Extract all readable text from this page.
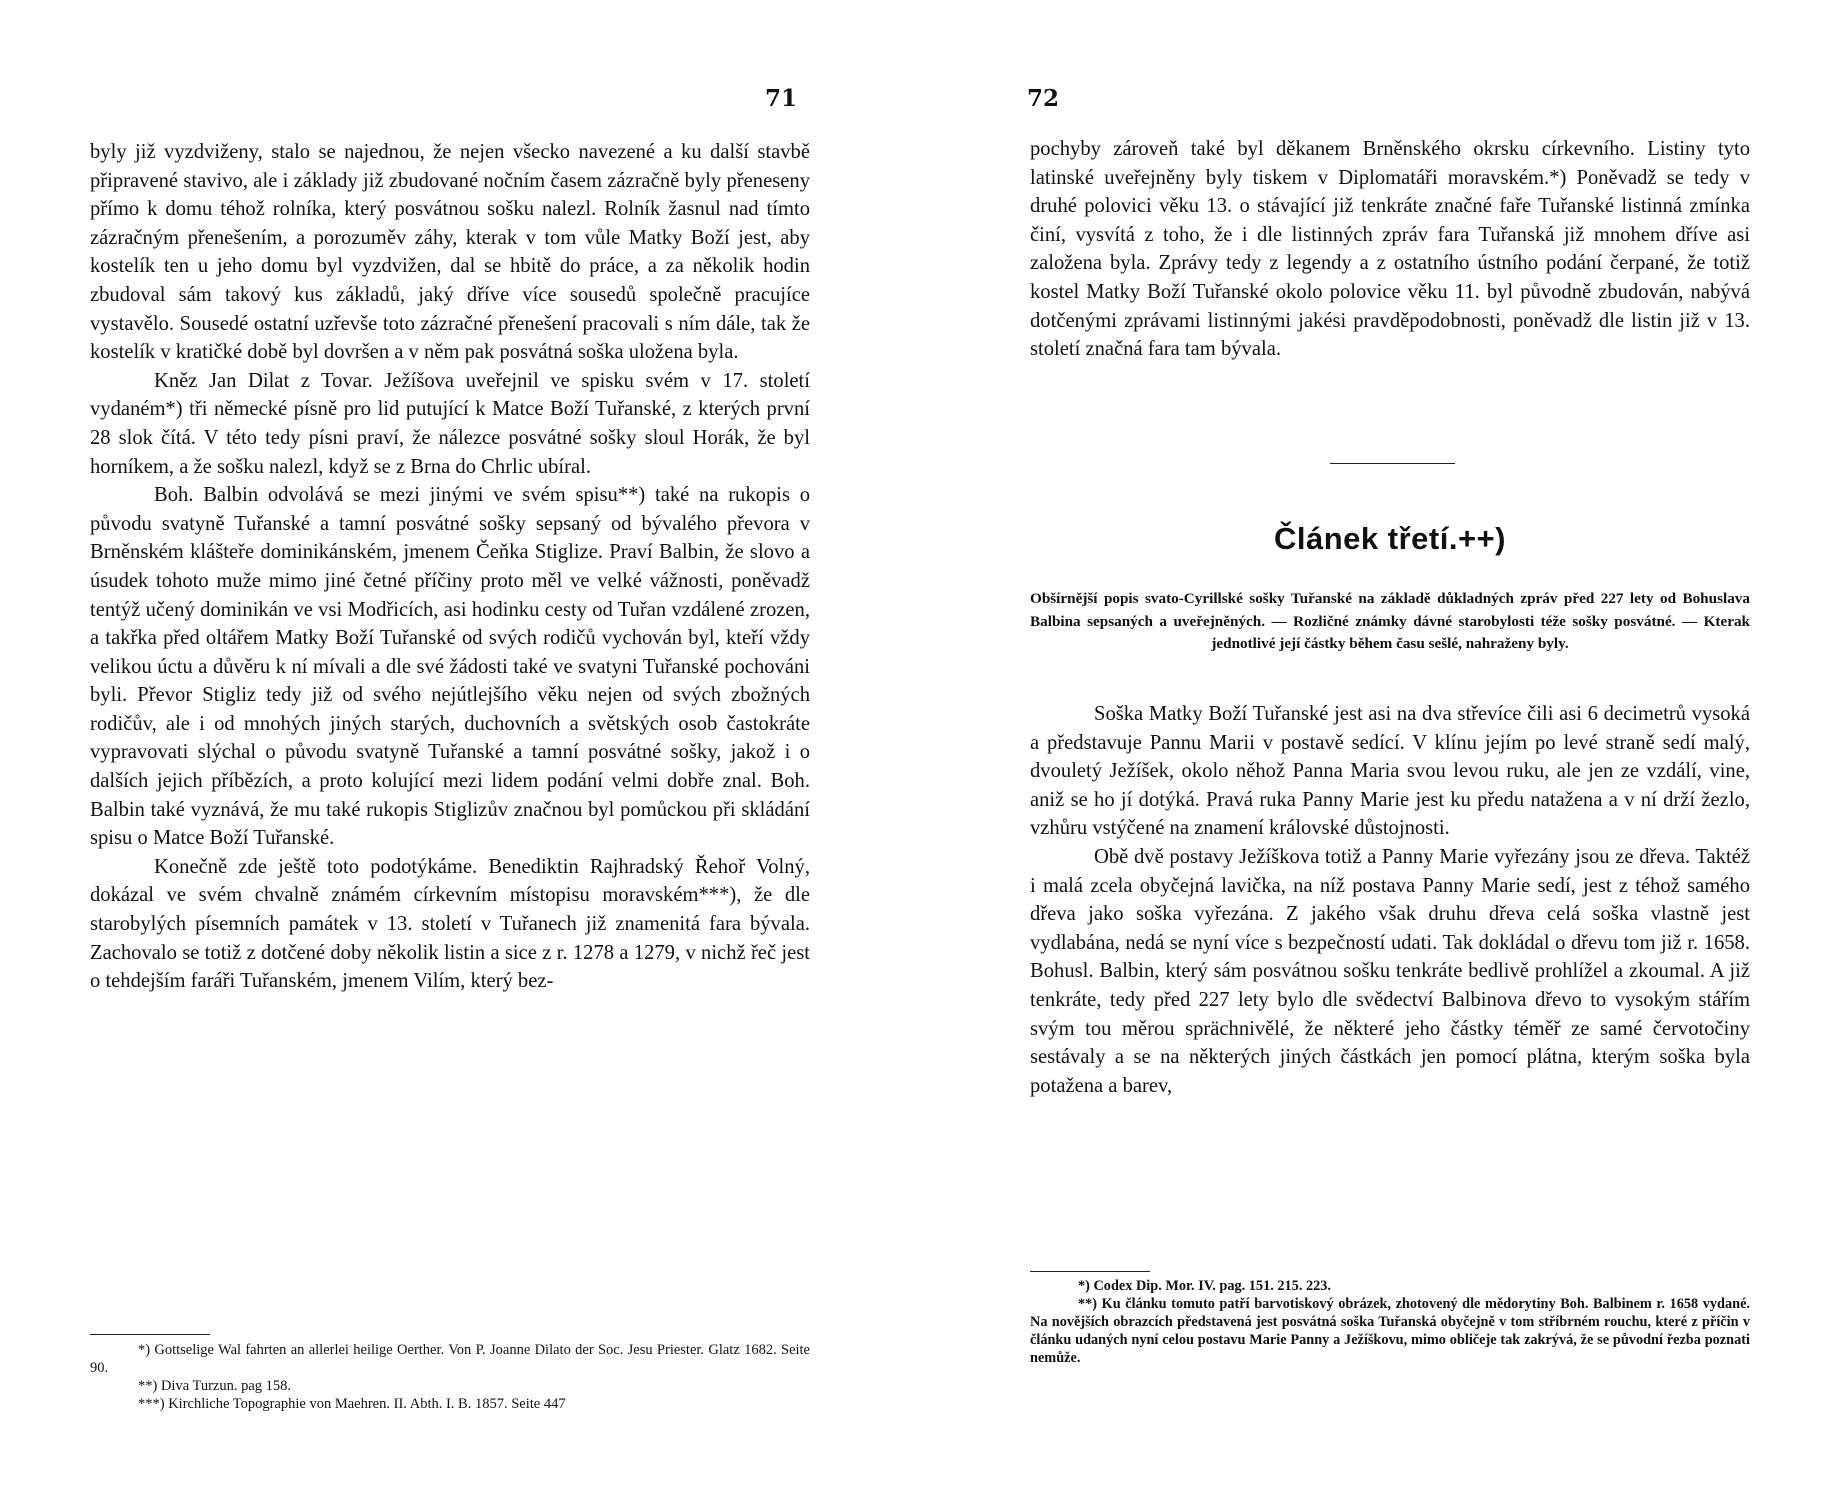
71

byly již vyzdviženy, stalo se najednou, že nejen všecko navezené a ku další stavbě připravené stavivo, ale i základy již zbudované nočním časem zázračně byly přeneseny přímo k domu téhož rolníka, který posvátnou sošku nalezl. Rolník žasnul nad tímto zázračným přenešením, a porozuměv záhy, kterak v tom vůle Matky Boží jest, aby kostelík ten u jeho domu byl vyzdvižen, dal se hbitě do práce, a za několik hodin zbudoval sám takový kus základů, jaký dříve více sousedů společně pracujíce vystavělo. Sousedé ostatní uzřevše toto zázračné přenešení pracovali s ním dále, tak že kostelík v kratičké době byl dovršen a v něm pak posvátná soška uložena byla.

Kněz Jan Dilat z Tovar. Ježíšova uveřejnil ve spisku svém v 17. století vydaném*) tři německé písně pro lid putující k Matce Boží Tuřanské, z kterých první 28 slok čítá. V této tedy písni praví, že nálezce posvátné sošky sloul Horák, že byl horníkem, a že sošku nalezl, když se z Brna do Chrlic ubíral.

Boh. Balbin odvolává se mezi jinými ve svém spisu**) také na rukopis o původu svatyně Tuřanské a tamní posvátné sošky sepsaný od bývalého převora v Brněnském klášteře dominikánském, jmenem Čeňka Stiglize. Praví Balbin, že slovo a úsudek tohoto muže mimo jiné četné příčiny proto měl ve velké vážnosti, poněvadž tentýž učený dominikán ve vsi Modřicích, asi hodinku cesty od Tuřan vzdálené zrozen, a takřka před oltářem Matky Boží Tuřanské od svých rodičů vychován byl, kteří vždy velikou úctu a důvěru k ní mívali a dle své žádosti také ve svatyni Tuřanské pochováni byli. Převor Stigliz tedy již od svého nejútlejšího věku nejen od svých zbožných rodičův, ale i od mnohých jiných starých, duchovních a světských osob častokráte vypravovati slýchal o původu svatyně Tuřanské a tamní posvátné sošky, jakož i o dalších jejich příbězích, a proto kolující mezi lidem podání velmi dobře znal. Boh. Balbin také vyznává, že mu také rukopis Stiglizův značnou byl pomůckou při skládání spisu o Matce Boží Tuřanské.

Konečně zde ještě toto podotýkáme. Benediktin Rajhradský Řehoř Volný, dokázal ve svém chvalně známém církevním místopisu moravském***), že dle starobylých písemních památek v 13. století v Tuřanech již znamenitá fara bývala. Zachovalo se totiž z dotčené doby několik listin a sice z r. 1278 a 1279, v nichž řeč jest o tehdejším faráři Tuřanském, jmenem Vilím, který bez-

*) Gottselige Wal fahrten an allerlei heilige Oerther. Von P. Joanne Dilato der Soc. Jesu Priester. Glatz 1682. Seite 90.

**) Diva Turzun. pag 158.

***) Kirchliche Topographie von Maehren. II. Abth. I. B. 1857. Seite 447

72

pochyby zároveň také byl děkanem Brněnského okrsku církevního. Listiny tyto latinské uveřejněny byly tiskem v Diplomatáři moravském.*) Poněvadž se tedy v druhé polovici věku 13. o stávající již tenkráte značné faře Tuřanské listinná zmínka činí, vysvítá z toho, že i dle listinných zpráv fara Tuřanská již mnohem dříve asi založena byla. Zprávy tedy z legendy a z ostatního ústního podání čerpané, že totiž kostel Matky Boží Tuřanské okolo polovice věku 11. byl původně zbudován, nabývá dotčenými zprávami listinnými jakési pravděpodobnosti, poněvadž dle listin již v 13. století značná fara tam bývala.

Článek třetí.++)
Obšírnější popis svato-Cyrillské sošky Tuřanské na základě důkladných zpráv před 227 lety od Bohuslava Balbina sepsaných a uveřejněných. — Rozličné známky dávné starobylosti téže sošky posvátné. — Kterak jednotlivé její částky během času sešlé, nahraženy byly.

Soška Matky Boží Tuřanské jest asi na dva střevíce čili asi 6 decimetrů vysoká a představuje Pannu Marii v postavě sedící. V klínu jejím po levé straně sedí malý, dvouletý Ježíšek, okolo něhož Panna Maria svou levou ruku, ale jen ze vzdálí, vine, aniž se ho jí dotýká. Pravá ruka Panny Marie jest ku předu natažena a v ní drží žezlo, vzhůru vstýčené na znamení královské důstojnosti.

Obě dvě postavy Ježíškova totiž a Panny Marie vyřezány jsou ze dřeva. Taktéž i malá zcela obyčejná lavička, na níž postava Panny Marie sedí, jest z téhož samého dřeva jako soška vyřezána. Z jakého však druhu dřeva celá soška vlastně jest vydlabána, nedá se nyní více s bezpečností udati. Tak dokládal o dřevu tom již r. 1658. Bohusl. Balbin, který sám posvátnou sošku tenkráte bedlivě prohlížel a zkoumal. A již tenkráte, tedy před 227 lety bylo dle svědectví Balbinova dřevo to vysokým stářím svým tou měrou sprächnivělé, že některé jeho částky téměř ze samé červotočiny sestávaly a se na některých jiných částkách jen pomocí plátna, kterým soška byla potažena a barev,

*) Codex Dip. Mor. IV. pag. 151. 215. 223.

**) Ku článku tomuto patří barvotiskový obrázek, zhotovený dle mědorytiny Boh. Balbinem r. 1658 vydané. Na novějších obrazcích představená jest posvátná soška Tuřanská obyčejně v tom stříbrném rouchu, které z příčin v článku udaných nyní celou postavu Marie Panny a Ježíškovu, mimo obličeje tak zakrývá, že se původní řezba poznati nemůže.
